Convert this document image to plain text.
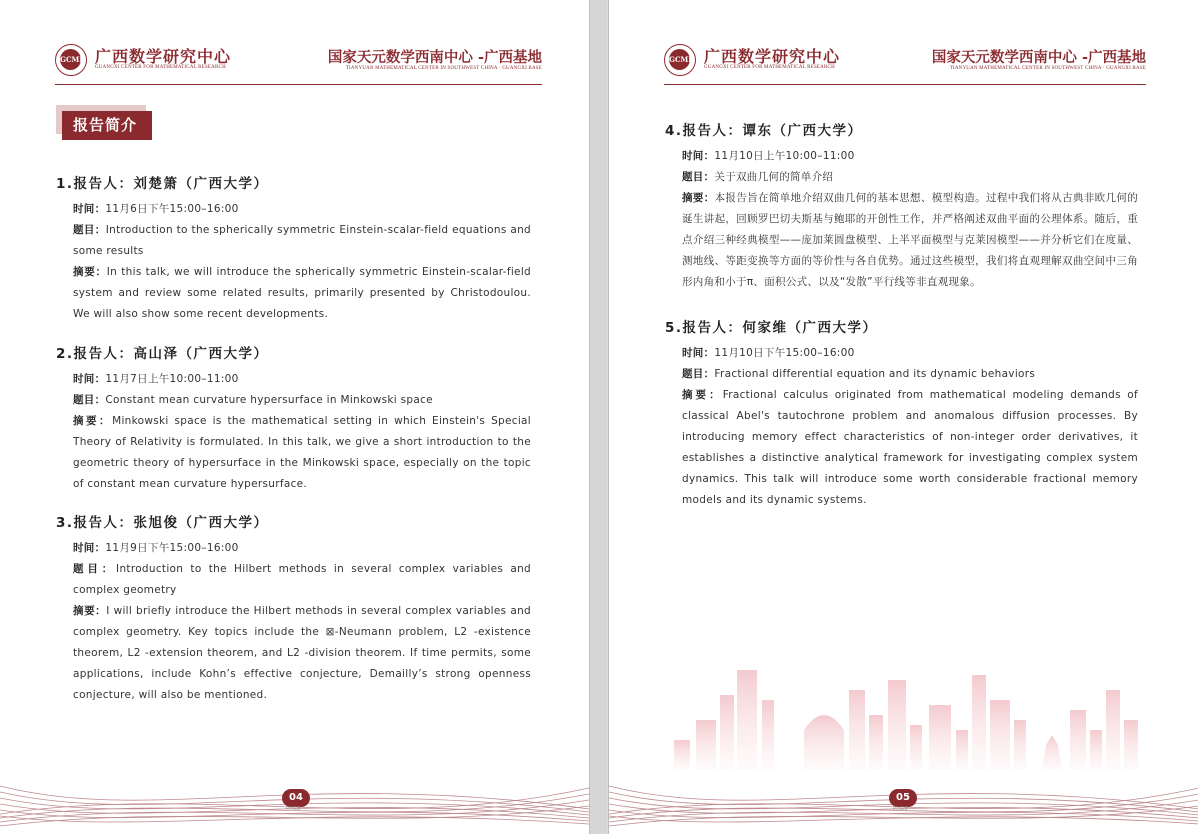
GCMR 广西数学研究中心
GUANGXI CENTER FOR MATHEMATICAL RESEARCH
国家天元数学西南中心 -广西基地
TIANYUAN MATHEMATICAL CENTER IN SOUTHWEST CHINA · GUANGXI BASE
报告简介
1.报告人：刘楚箫（广西大学）
时间：11月6日下午15:00–16:00
题目：Introduction to the spherically symmetric Einstein-scalar-field equations and some results
摘要：In this talk, we will introduce the spherically symmetric Einstein-scalar-field system and review some related results, primarily presented by Christodoulou. We will also show some recent developments.
2.报告人：高山泽（广西大学）
时间：11月7日上午10:00–11:00
题目：Constant mean curvature hypersurface in Minkowski space
摘要：Minkowski space is the mathematical setting in which Einstein's Special Theory of Relativity is formulated. In this talk, we give a short introduction to the geometric theory of hypersurface in the Minkowski space, especially on the topic of constant mean curvature hypersurface.
3.报告人：张旭俊（广西大学）
时间：11月9日下午15:00–16:00
题目：Introduction to the Hilbert methods in several complex variables and complex geometry
摘要：I will briefly introduce the Hilbert methods in several complex variables and complex geometry. Key topics include the ⊠-Neumann problem, L2 -existence theorem, L2 -extension theorem, and L2 -division theorem. If time permits, some applications, include Kohn’s effective conjecture, Demailly’s strong openness conjecture, will also be mentioned.
04
PAGE
GCMR 广西数学研究中心
GUANGXI CENTER FOR MATHEMATICAL RESEARCH
国家天元数学西南中心 -广西基地
TIANYUAN MATHEMATICAL CENTER IN SOUTHWEST CHINA · GUANGXI BASE
4.报告人：谭东（广西大学）
时间：11月10日上午10:00–11:00
题目：关于双曲几何的简单介绍
摘要：本报告旨在简单地介绍双曲几何的基本思想、模型构造。过程中我们将从古典非欧几何的诞生讲起，回顾罗巴切夫斯基与鲍耶的开创性工作，并严格阐述双曲平面的公理体系。随后，重点介绍三种经典模型——庞加莱圆盘模型、上半平面模型与克莱因模型——并分析它们在度量、测地线、等距变换等方面的等价性与各自优势。通过这些模型，我们将直观理解双曲空间中三角形内角和小于π、面积公式、以及“发散”平行线等非直观现象。
5.报告人：何家维（广西大学）
时间：11月10日下午15:00–16:00
题目：Fractional differential equation and its dynamic behaviors
摘要：Fractional calculus originated from mathematical modeling demands of classical Abel's tautochrone problem and anomalous diffusion processes. By introducing memory effect characteristics of non-integer order derivatives, it establishes a distinctive analytical framework for investigating complex system dynamics. This talk will introduce some worth considerable fractional memory models and its dynamic systems.
05
PAGE
